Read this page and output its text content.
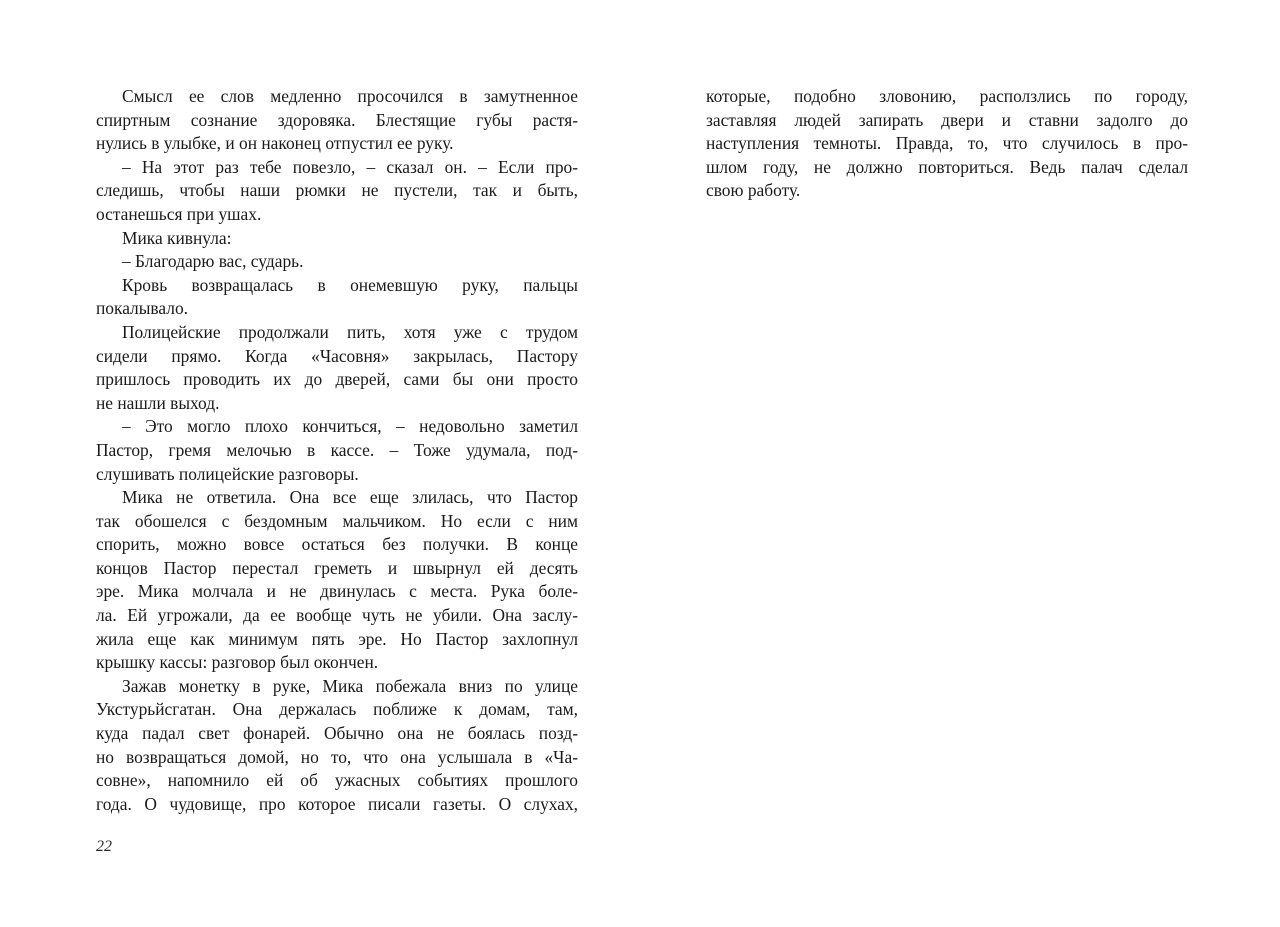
Смысл ее слов медленно просочился в замутненное
спиртным сознание здоровяка. Блестящие губы растя-
нулись в улыбке, и он наконец отпустил ее руку.
– На этот раз тебе повезло, – сказал он. – Если про-
следишь, чтобы наши рюмки не пустели, так и быть,
останешься при ушах.
Мика кивнула:
– Благодарю вас, сударь.
Кровь возвращалась в онемевшую руку, пальцы
покалывало.
Полицейские продолжали пить, хотя уже с трудом
сидели прямо. Когда «Часовня» закрылась, Пастору
пришлось проводить их до дверей, сами бы они просто
не нашли выход.
– Это могло плохо кончиться, – недовольно заметил
Пастор, гремя мелочью в кассе. – Тоже удумала, под-
слушивать полицейские разговоры.
Мика не ответила. Она все еще злилась, что Пастор
так обошелся с бездомным мальчиком. Но если с ним
спорить, можно вовсе остаться без получки. В конце
концов Пастор перестал греметь и швырнул ей десять
эре. Мика молчала и не двинулась с места. Рука боле-
ла. Ей угрожали, да ее вообще чуть не убили. Она заслу-
жила еще как минимум пять эре. Но Пастор захлопнул
крышку кассы: разговор был окончен.
Зажав монетку в руке, Мика побежала вниз по улице
Укстурьйсгатан. Она держалась поближе к домам, там,
куда падал свет фонарей. Обычно она не боялась позд-
но возвращаться домой, но то, что она услышала в «Ча-
совне», напомнило ей об ужасных событиях прошлого
года. О чудовище, про которое писали газеты. О слухах,
22
которые, подобно зловонию, расползлись по городу,
заставляя людей запирать двери и ставни задолго до
наступления темноты. Правда, то, что случилось в про-
шлом году, не должно повториться. Ведь палач сделал
свою работу.
